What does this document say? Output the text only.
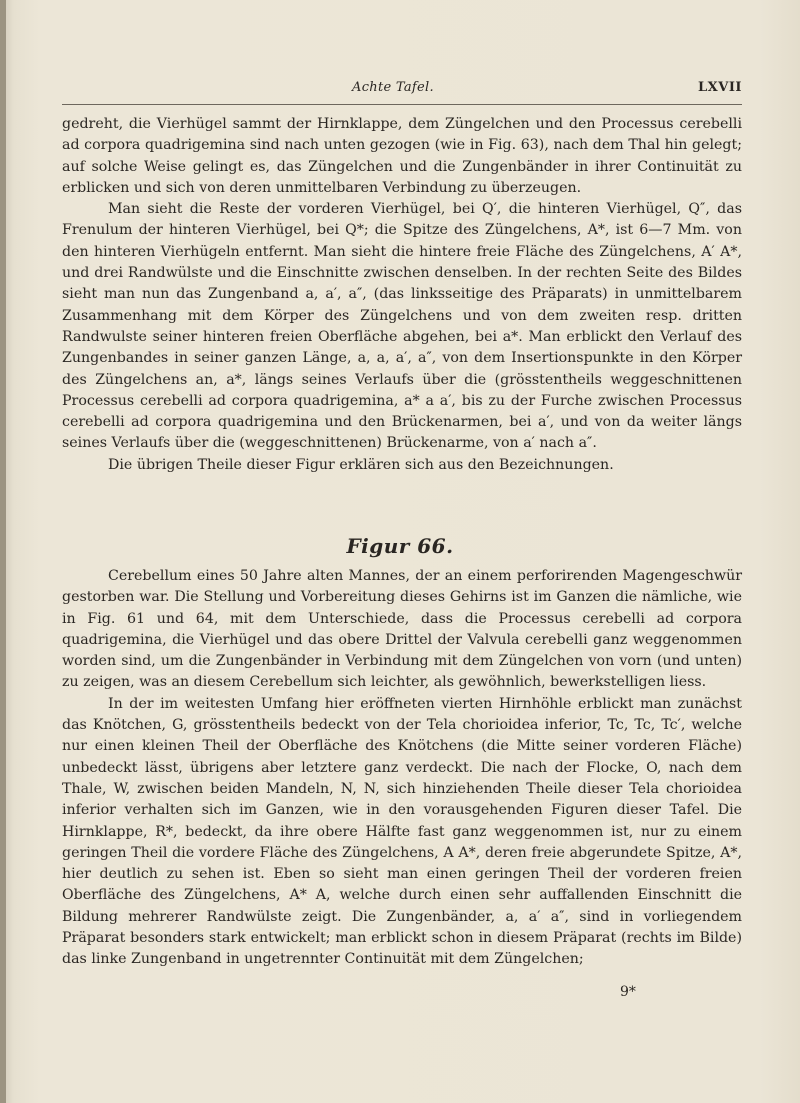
Achte Tafel.	LXVII

gedreht, die Vierhügel sammt der Hirnklappe, dem Züngelchen und den Processus cerebelli ad corpora quadrigemina sind nach unten gezogen (wie in Fig. 63), nach dem Thal hin gelegt; auf solche Weise gelingt es, das Züngelchen und die Zungenbänder in ihrer Continuität zu erblicken und sich von deren unmittelbaren Verbindung zu überzeugen.

Man sieht die Reste der vorderen Vierhügel, bei Q′, die hinteren Vierhügel, Q″, das Frenulum der hinteren Vierhügel, bei Q*; die Spitze des Züngelchens, A*, ist 6—7 Mm. von den hinteren Vierhügeln entfernt. Man sieht die hintere freie Fläche des Züngelchens, A′ A*, und drei Randwülste und die Einschnitte zwischen denselben. In der rechten Seite des Bildes sieht man nun das Zungenband a, a′, a″, (das linksseitige des Präparats) in unmittelbarem Zusammenhang mit dem Körper des Züngelchens und von dem zweiten resp. dritten Randwulste seiner hinteren freien Oberfläche abgehen, bei a*. Man erblickt den Verlauf des Zungenbandes in seiner ganzen Länge, a, a, a′, a″, von dem Insertionspunkte in den Körper des Züngelchens an, a*, längs seines Verlaufs über die (grösstentheils weggeschnittenen Processus cerebelli ad corpora quadrigemina, a* a a′, bis zu der Furche zwischen Processus cerebelli ad corpora quadrigemina und den Brückenarmen, bei a′, und von da weiter längs seines Verlaufs über die (weggeschnittenen) Brückenarme, von a′ nach a″.

Die übrigen Theile dieser Figur erklären sich aus den Bezeichnungen.

Figur 66.

Cerebellum eines 50 Jahre alten Mannes, der an einem perforirenden Magengeschwür gestorben war. Die Stellung und Vorbereitung dieses Gehirns ist im Ganzen die nämliche, wie in Fig. 61 und 64, mit dem Unterschiede, dass die Processus cerebelli ad corpora quadrigemina, die Vierhügel und das obere Drittel der Valvula cerebelli ganz weggenommen worden sind, um die Zungenbänder in Verbindung mit dem Züngelchen von vorn (und unten) zu zeigen, was an diesem Cerebellum sich leichter, als gewöhnlich, bewerkstelligen liess.

In der im weitesten Umfang hier eröffneten vierten Hirnhöhle erblickt man zunächst das Knötchen, G, grösstentheils bedeckt von der Tela chorioidea inferior, Tc, Tc, Tc′, welche nur einen kleinen Theil der Oberfläche des Knötchens (die Mitte seiner vorderen Fläche) unbedeckt lässt, übrigens aber letztere ganz verdeckt. Die nach der Flocke, O, nach dem Thale, W, zwischen beiden Mandeln, N, N, sich hinziehenden Theile dieser Tela chorioidea inferior verhalten sich im Ganzen, wie in den vorausgehenden Figuren dieser Tafel. Die Hirnklappe, R*, bedeckt, da ihre obere Hälfte fast ganz weggenommen ist, nur zu einem geringen Theil die vordere Fläche des Züngelchens, A A*, deren freie abgerundete Spitze, A*, hier deutlich zu sehen ist. Eben so sieht man einen geringen Theil der vorderen freien Oberfläche des Züngelchens, A* A, welche durch einen sehr auffallenden Einschnitt die Bildung mehrerer Randwülste zeigt. Die Zungenbänder, a, a′ a″, sind in vorliegendem Präparat besonders stark entwickelt; man erblickt schon in diesem Präparat (rechts im Bilde) das linke Zungenband in ungetrennter Continuität mit dem Züngelchen;

9*
